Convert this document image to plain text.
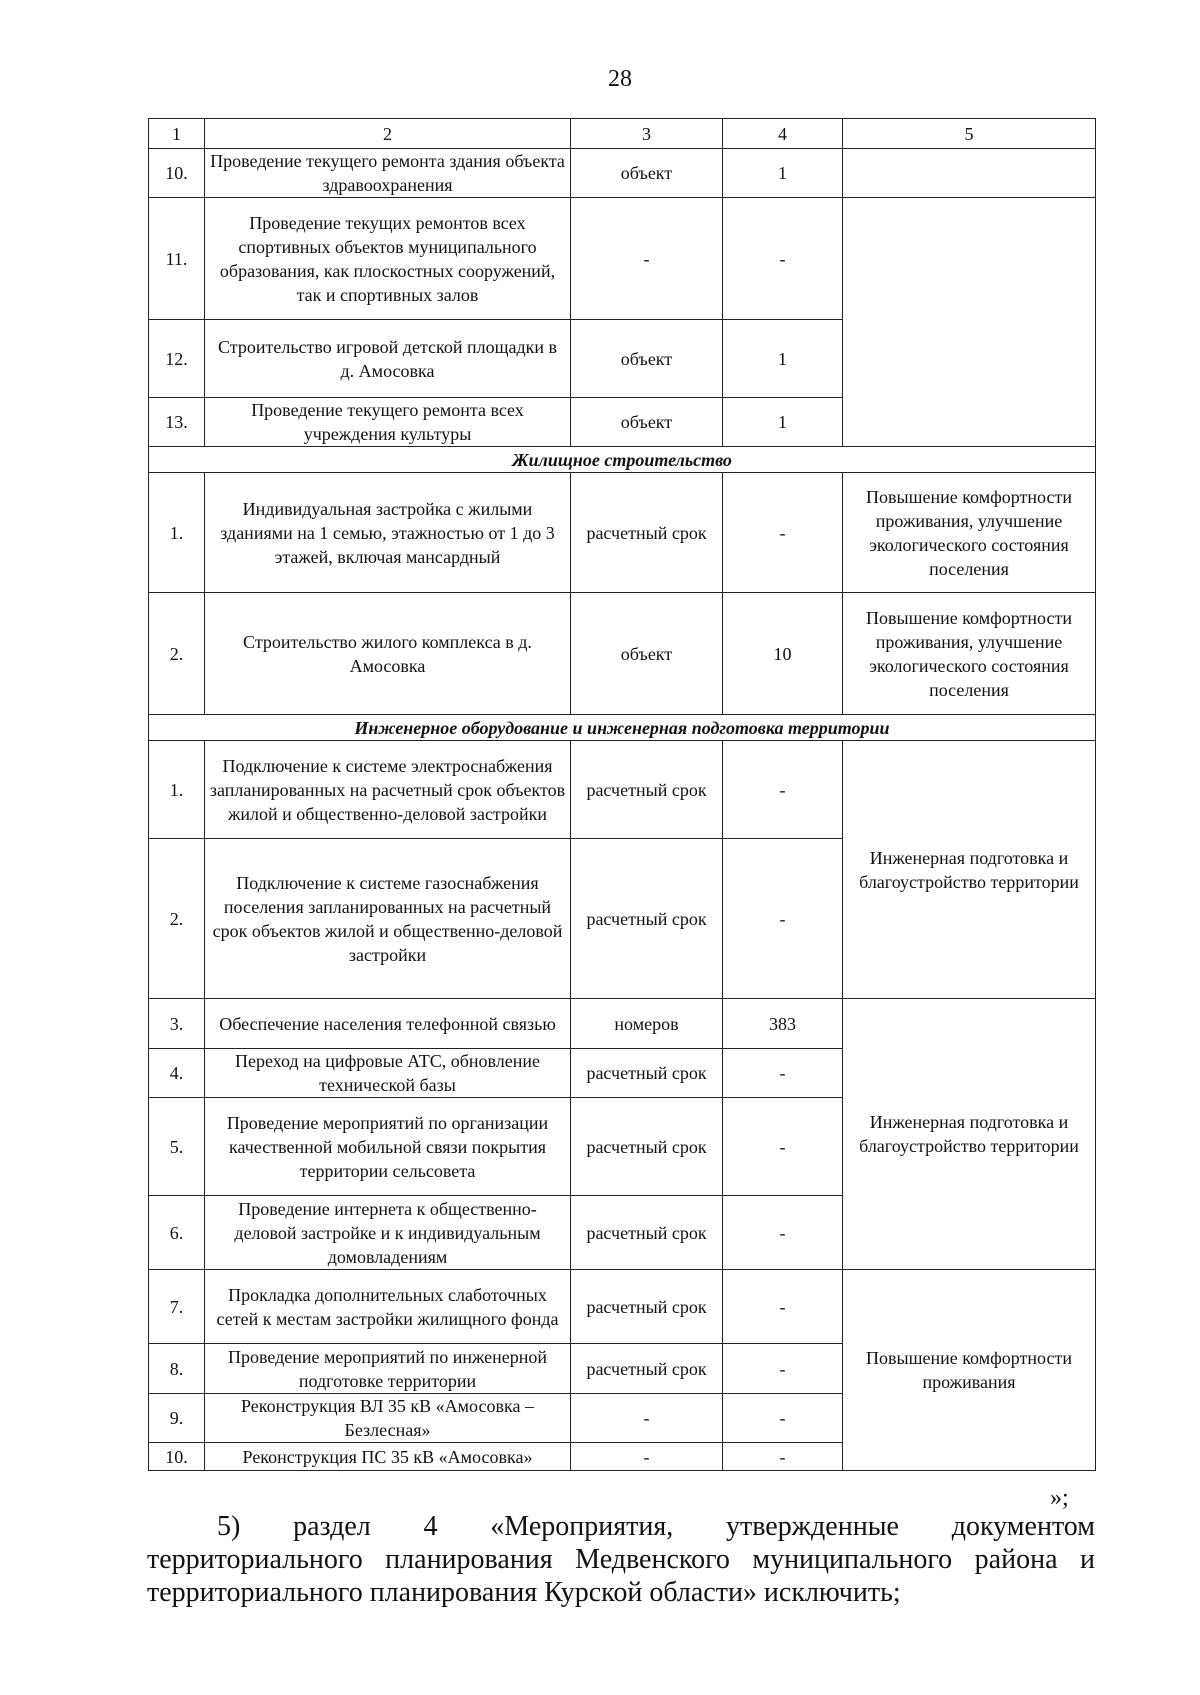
28
1	2	3	4	5
10.	Проведение текущего ремонта здания объекта здравоохранения	объект	1	
11.	Проведение текущих ремонтов всех спортивных объектов муниципального образования, как плоскостных сооружений, так и спортивных залов	-	-	
12.	Строительство игровой детской площадки в д. Амосовка	объект	1	
13.	Проведение текущего ремонта всех учреждения культуры	объект	1	
Жилищное строительство				
1.	Индивидуальная застройка с жилыми зданиями на 1 семью, этажностью от 1 до 3 этажей, включая мансардный	расчетный срок	-	Повышение комфортности проживания, улучшение экологического состояния поселения
2.	Строительство жилого комплекса в д. Амосовка	объект	10	Повышение комфортности проживания, улучшение экологического состояния поселения
Инженерное оборудование и инженерная подготовка территории				
1.	Подключение к системе электроснабжения запланированных на расчетный срок объектов жилой и общественно-деловой застройки	расчетный срок	-	Инженерная подготовка и благоустройство территории
2.	Подключение к системе газоснабжения поселения запланированных на расчетный срок объектов жилой и общественно-деловой застройки	расчетный срок	-	
3.	Обеспечение населения телефонной связью	номеров	383	Инженерная подготовка и благоустройство территории
4.	Переход на цифровые АТС, обновление технической базы	расчетный срок	-	
5.	Проведение мероприятий по организации качественной мобильной связи покрытия территории сельсовета	расчетный срок	-	
6.	Проведение интернета к общественно-деловой застройке и к индивидуальным домовладениям	расчетный срок	-	
7.	Прокладка дополнительных слаботочных сетей к местам застройки жилищного фонда	расчетный срок	-	Повышение комфортности проживания
8.	Проведение мероприятий по инженерной подготовке территории	расчетный срок	-	
9.	Реконструкция ВЛ 35 кВ «Амосовка – Безлесная»	-	-	
10.	Реконструкция ПС 35 кВ «Амосовка»	-	-	
»;
5) раздел 4 «Мероприятия, утвержденные документом
территориального планирования Медвенского муниципального района и территориального планирования Курской области» исключить;
